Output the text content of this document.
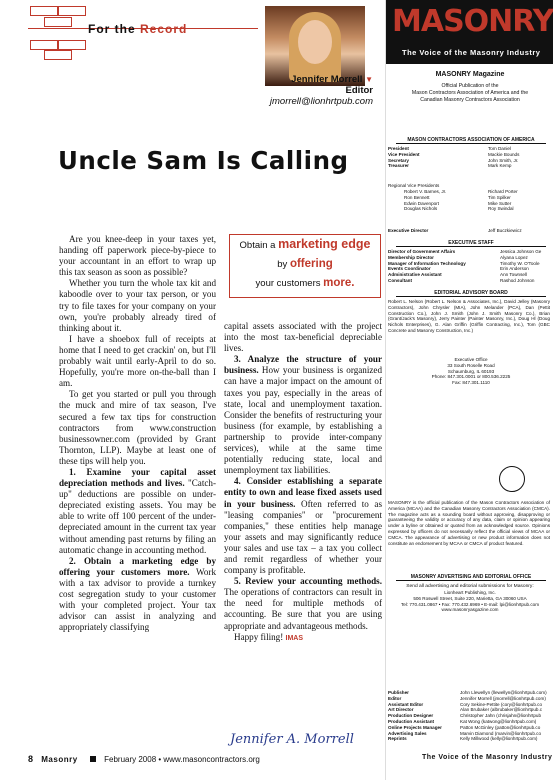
For the Record
Jennifer Morrell ▼
Editor
jmorrell@lionhrtpub.com
Uncle Sam Is Calling

Are you knee-deep in your taxes yet, handing off paperwork piece-by-piece to your accountant in an effort to wrap up this tax season as soon as possible?

Whether you turn the whole tax kit and kaboodle over to your tax person, or you try to file taxes for your company on your own, you're probably already tired of thinking about it.

I have a shoebox full of receipts at home that I need to get crackin' on, but I'll probably wait until early-April to do so. Hopefully, you're more on-the-ball than I am.

To get you started or pull you through the muck and mire of tax season, I've secured a few tax tips for construction contractors from www.construction businessowner.com (provided by Grant Thornton, LLP). Maybe at least one of these tips will help you.

1. Examine your capital asset depreciation methods and lives. "Catch-up" deductions are possible on under-depreciated existing assets. You may be able to write off 100 percent of the under-depreciated amount in the current tax year without amending past returns by filing an automatic change in accounting method.

2. Obtain a marketing edge by offering your customers more. Work with a tax advisor to provide a turnkey cost segregation study to your customer with your completed project. Your tax advisor can assist in analyzing and appropriately classifying

Obtain a marketing edge
by offering
your customers more.

capital assets associated with the project into the most tax-beneficial depreciable lives.

3. Analyze the structure of your business. How your business is organized can have a major impact on the amount of taxes you pay, especially in the areas of state, local and unemployment taxation. Consider the benefits of restructuring your business (for example, by establishing a partnership to provide inter-company services), while at the same time potentially reducing state, local and unemployment tax liabilities.

4. Consider establishing a separate entity to own and lease fixed assets used in your business. Often referred to as "leasing companies" or "procurement companies," these entities help manage your assets and may significantly reduce your sales and use tax – a tax you collect and remit regardless of whether your company is profitable.

5. Review your accounting methods. The operations of contractors can result in the need for multiple methods of accounting. Be sure that you are using appropriate and advantageous methods.

Happy filing! IMAS

Jennifer A. Morrell
8 Masonry	February 2008 • www.masoncontractors.org
MASONRY
The Voice of the Masonry Industry
MASONRY Magazine
Official Publication of the
Mason Contractors Association of America and the
Canadian Masonry Contractors Association
MASON CONTRACTORS ASSOCIATION OF AMERICA
President	Tom Daniel
Vice President	Mackie Bounds
Secretary	John Smith, Jr.
Treasurer	Mark Kemp
Regional Vice Presidents
Robert V. Barnes, Jr.
Ron Bennett
Edwin Davenport
Douglas Nichols
Richard Porter
Tim Spilker
Mike Sutter
Roy Swindal
Executive Director	Jeff Buczkiewicz
EXECUTIVE STAFF
Director of Government Affairs	Jessica Johnson Ge
Membership Director	Alyana Lopez
Manager of Information Technology	Timothy W. O'Toole
Events Coordinator	Erin Anderson
Administrative Assistant	Ann Townsell
Consultant	Rashod Johnson
EDITORIAL ADVISORY BOARD
Robert L. Nelson (Robert L. Nelson & Associates, Inc.), David Jelley (Masonry Contractors), John Chrysler (MIA), John Melander (PCA), Dan (Pettit Construction Co.), John J. Smith (John J. Smith Masonry Co.), Brian (Grant/Jack's Masonry), Jerry Painter (Painter Masonry, Inc.), Doug Hl (Doug Nichols Enterprises), G. Alan Griffin (Griffin Contracting, Inc.), Tom (GBC Concrete and Masonry Construction, Inc.)
Executive Office
33 South Roselle Road
Schaumburg, IL 60193
Phone: 847.301.0001 or 800.536.2225
Fax: 847.301.1110
MASONRY is the official publication of the Mason Contractors Association of America (MCAA) and the Canadian Masonry Contractors Association (CMCA). The magazine acts as a sounding board without approving, disapproving or guaranteeing the validity or accuracy of any data, claim or opinion appearing under a byline or obtained or quoted from an acknowledged source. Opinions expressed by officers do not necessarily reflect the official views of MCAA or CMCA. The appearance of advertising or new product information does not constitute an endorsement by MCAA or CMCA of product featured.
MASONRY ADVERTISING AND EDITORIAL OFFICE
Send all advertising and editorial submissions for Masonry:
Lionheart Publishing, Inc.
506 Roswell Street, Suite 220, Marietta, GA 30060 USA
Tel: 770.431.0867 • Fax: 770.432.6969 • E-mail: lpi@lionhrtpub.com
www.masonryasgazine.com
Publisher	John Llewellyn (llewellyn@lionhrtpub.com)
Editor	Jennifer Morrell (jmorrell@lionhrtpub.com)
Assistant Editor	Cory Sekine-Pettite (cory@lionhrtpub.co
Art Director	Alan Brubaker (albrubaker@lionhrtpub.c
Production Designer	Christopher Jahn (chrisjahn@lionhrtpub
Production Assistant	Kat Wong (katwong@lionhrtpub.com)
Online Projects Manager	Patton McGinley (patton@lionhrtpub.co
Advertising Sales	Marvin Diamond (marvin@lionhrtpub.co
Reprints	Kelly Millwood (kelly@lionhrtpub.com)
The Voice of the Masonry Industry
